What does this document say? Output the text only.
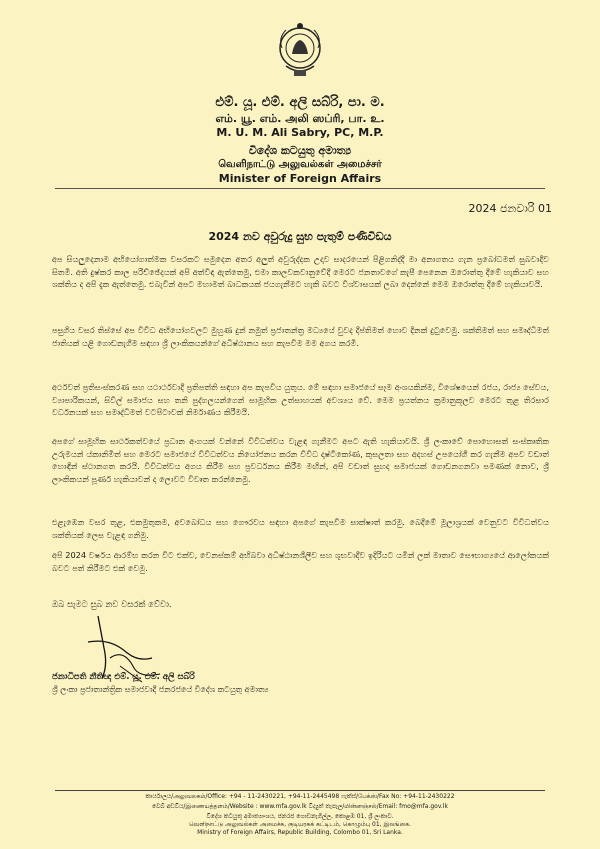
එම්. යූ. එම්. අලි සබ්රි, පා. ම.
எம். யூ. எம். அலி ஸப்ரி, பா. உ.
M. U. M. Ali Sabry, PC, M.P.
විදේශ කටයුතු අමාත්‍ය
வெளிநாட்டு அலுவல்கள் அமைச்சர்
Minister of Foreign Affairs
2024 ජනවාරි 01
2024 නව අවුරුදු සුභ පැතුම් පණිවිඩය

අප සියලුදෙනාම අභියෝගාත්මක වසරකට සමුදෙන අතර අලුත් අවුරුද්දක උදාව සාදරයෙන් පිළිගනිද්දී මා අනාගතය ගැන ප්‍රබෝධමත් සුබවාදීව සිතමි. අති දුෂ්කර කාල පරිච්ඡේදයක් අපි අත්විඳ ඇත්තෙමු, එමා කාලවකවානුවේදී මෙරට ජනතාවගේ කැපී පෙනෙන ඔරොත්තු දීමේ හැකියාව සහ ශක්තිය ද අපි දැක ඇත්තෙමු. එබැවින් අපට මහාමත් බාධකයක් ජයගැනීමට හැකි බවට විශ්වාසයක් ලබා දෙන්නේ මෙම ඔරොත්තු දීමේ හැකියාවයි.

පසුගිය වසර තිස්සේ අප විවිධ අභියෝගවලට මුහුණ දුන් නමුත් ප්‍රජාතන්ත්‍ර මධ්‍යයේ වුවද දීප්තිමත් හොව දිනක් දුටුවෙමු. ශක්තිමත් සහ සමෘද්ධිමත් ජාතියක් යළි ගොඩනැගීම සඳහා ශ්‍රී ලාංකිකයන්ගේ අධිෂ්ඨානය සහ කැපවීම මම අගය කරමි.

අර්ථවත් ප්‍රතිසංස්කරණ සහ යථාර්ථවාදී ප්‍රතිපත්ති සඳහා අප කැපවිය යුතුය. මේ සඳහා සමාජයේ සෑම අංශයකින්ම, විශේෂයෙන් රජය, රාජ්‍ය සේවය, ව්‍යාපාරිකයන්, සිවිල් සමාජය සහ තනි පුද්ගලයන්ගෙන් සාමූහික උත්සාහයක් අවශ්‍යය වේ. මෙම ප්‍රයත්නය ක්‍රමානුකූලව මෙරට තුළ තිරසාර වර්ධනයක් සහ සමෘද්ධිමත් වටපිටාවක් නිර්මාණය කිරීමයි.

අපගේ සාමූහික සාර්ථකත්වයේ ප්‍රධාන අංගයක් වන්නේ විවිධත්වය වැළඳ ගැනීමට අපට ඇති හැකියාවයි. ශ්‍රී ලංකාවේ පොහොසත් සංස්කෘතික උරුමයන් ය්කානිමිත් සහ මෙරට සමාජයේ විවිධත්වය නියෝජනය කරන විවිධ දෘෂ්ටිකෝණ, කුසලතා සහ අදහස් උපයෝගී කර ගැනීම අපව වඩාත් හොඳින් ස්ථානගත කරයි. විවිධත්වය අගය කිරීම සහ ප්‍රවර්ධනය කිරීම මඟින්, අපි වඩාත් සුහද සමාජයක් ගොඩනගනවා පමණක් නොව, ශ්‍රී ලාංකිකයන් පූර්ණ හැකියාවන් ද ලොවට විවෘත කරන්නෙමු.

එළැඹෙන වසර තුළ, එකමුතුකම, අවබෝධය සහ ගෞරවය සඳහා අපගේ කැපවීම සාක්ෂාත් කරමු. බෙදීමේ මූලාශ්‍රයක් වෙනුවට විවිධත්වය ශක්තියක් ලෙස වැළඳ ගනිමු.

අපි 2024 වර්ෂය ආරම්භ කරන විට එක්ව, වෙනස්කම් අභිබවා අධිෂ්ඨානශීලීව සහ ශුභවාදීව ඉදිරියට යමින් ලක් මාතාව සෞභාග්‍යයේ ආලෝකයක් බවට පත් කිරීමට එක් වෙමු.

ඔබ සැමට සුබ නව වසරක් වේවා.
ජනාධිපති නීතිඥ එම්. යූ. එම්. අලි සබ්රි
ශ්‍රී ලංකා ප්‍රජාතාන්ත්‍රික සමාජවාදී ජනරජයේ විදේශ කටයුතු අමාත්‍ය
කාර්යාලය/அலுவலகம்/Office: +94 - 11-2430221, +94-11-2445498 ෆැක්ස්/பேக்ஸ்/Fax No: +94-11-2430222
වෙබ් අඩවිය/இணையத்தளம்/Website : www.mfa.gov.lk විද්‍යුත් තැපෑල/மின்னஞ்சல்/Email: fmo@mfa.gov.lk
විදේශ කටයුතු අමාත්‍යාංශය, ජනරජ ගොඩනැගිල්ල, කොළඹ 01, ශ්‍රී ලංකාව.
வெளிநாட்டு அலுவல்கள் அமைச்சு, குடியரசுக் கட்டிடம், கொழும்பு 01, இலங்கை.
Ministry of Foreign Affairs, Republic Building, Colombo 01, Sri Lanka.
